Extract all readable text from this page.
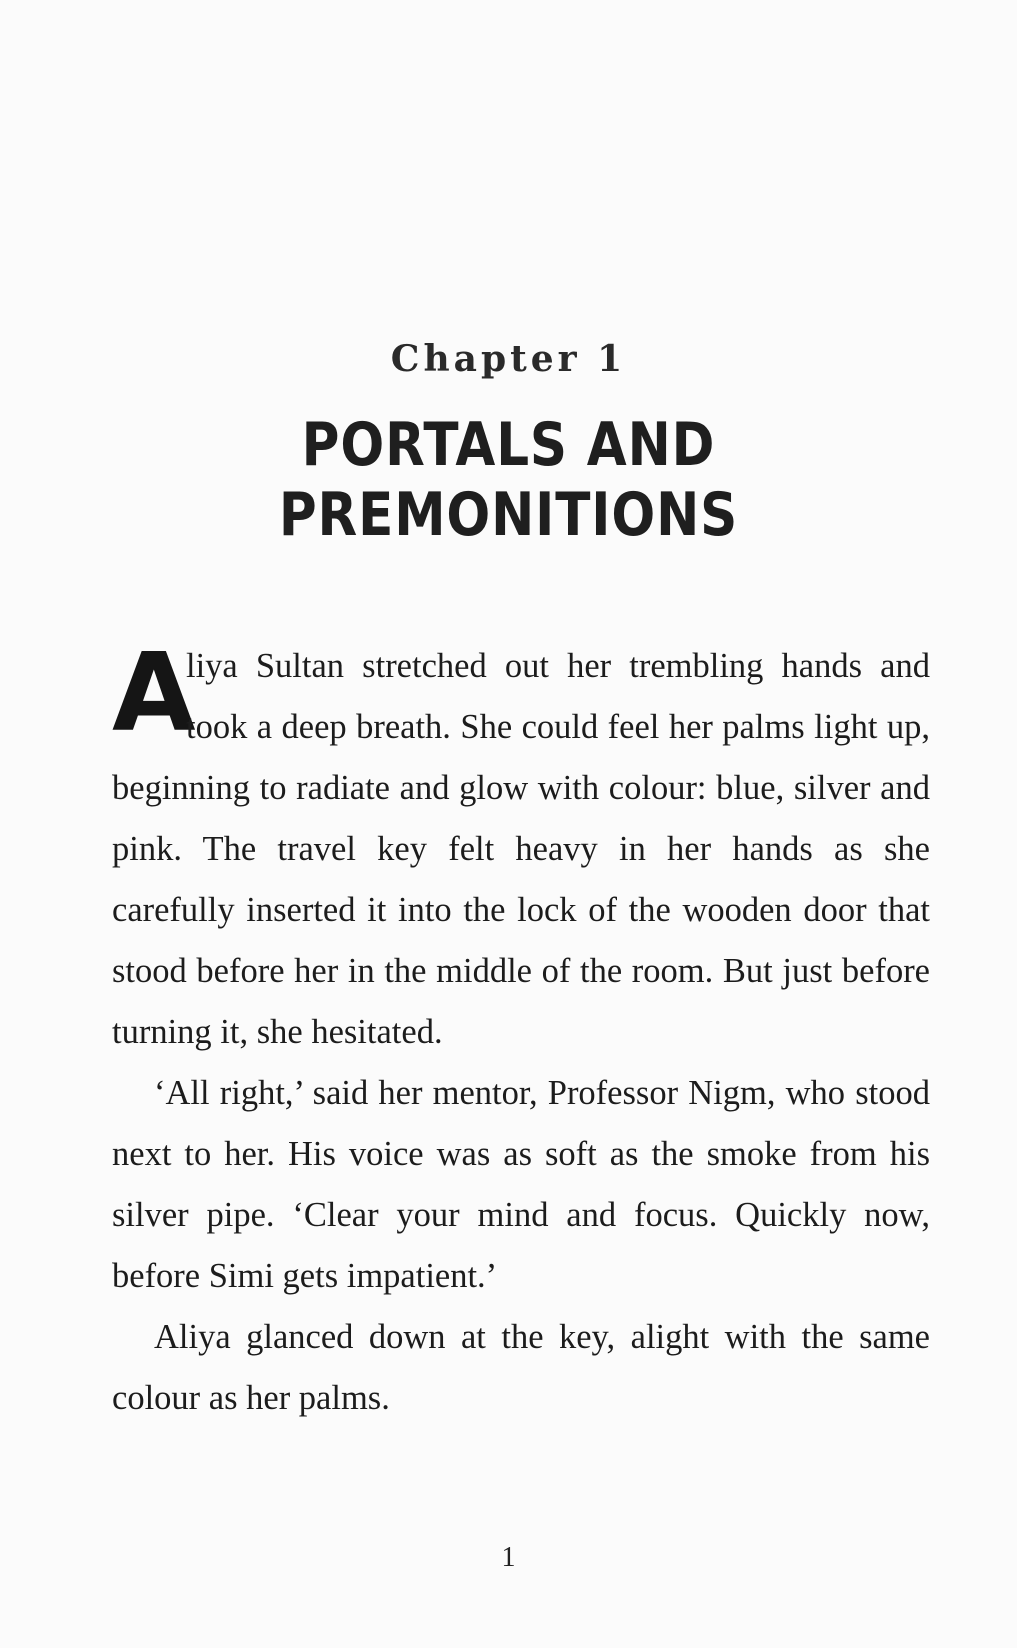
Chapter 1
PORTALS AND PREMONITIONS

A
liya Sultan stretched out her trembling hands and took a deep breath. She could feel her palms light up, beginning to radiate and glow with colour: blue, silver and pink. The travel key felt heavy in her hands as she carefully inserted it into the lock of the wooden door that stood before her in the middle of the room. But just before turning it, she hesitated.

‘All right,’ said her mentor, Professor Nigm, who stood next to her. His voice was as soft as the smoke from his silver pipe. ‘Clear your mind and focus. Quickly now, before Simi gets impatient.’

Aliya glanced down at the key, alight with the same colour as her palms.

1
